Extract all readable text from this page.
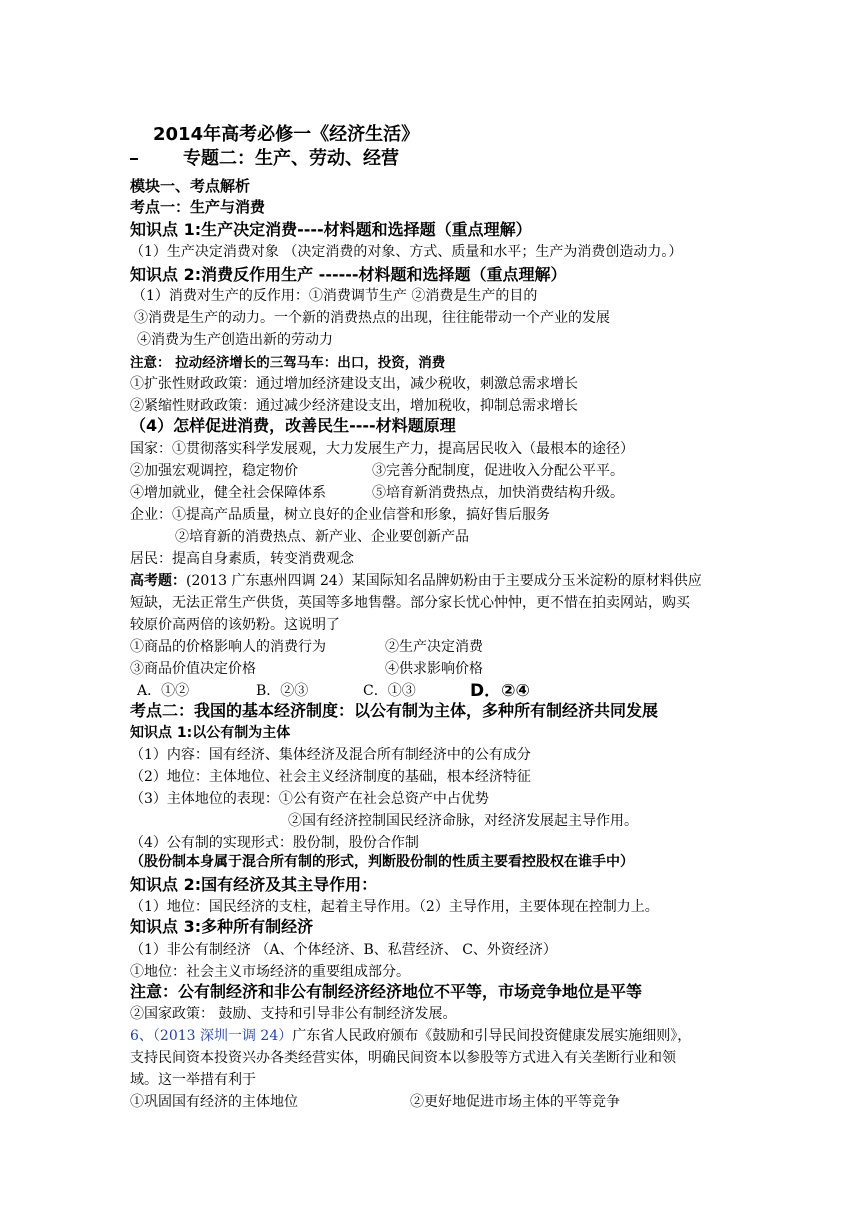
2014年高考必修一《经济生活》
专题二：生产、劳动、经营
模块一、考点解析
考点一：生产与消费
知识点 1:生产决定消费----材料题和选择题（重点理解）
（1）生产决定消费对象 （决定消费的对象、方式、质量和水平；生产为消费创造动力。）
知识点 2:消费反作用生产 ------材料题和选择题（重点理解）
（1）消费对生产的反作用：①消费调节生产 ②消费是生产的目的
③消费是生产的动力。一个新的消费热点的出现，往往能带动一个产业的发展
④消费为生产创造出新的劳动力
注意： 拉动经济增长的三驾马车：出口，投资，消费
①扩张性财政政策：通过增加经济建设支出，减少税收，刺激总需求增长
②紧缩性财政政策：通过减少经济建设支出，增加税收，抑制总需求增长
（4）怎样促进消费，改善民生----材料题原理
国家：①贯彻落实科学发展观，大力发展生产力，提高居民收入（最根本的途径）
②加强宏观调控，稳定物价	③完善分配制度，促进收入分配公平平。
④增加就业，健全社会保障体系	⑤培育新消费热点，加快消费结构升级。
企业：①提高产品质量，树立良好的企业信誉和形象，搞好售后服务
②培育新的消费热点、新产业、企业要创新产品
居民：提高自身素质，转变消费观念
高考题：(2013 广东惠州四调 24）某国际知名品牌奶粉由于主要成分玉米淀粉的原材料供应
短缺，无法正常生产供货，英国等多地售罄。部分家长忧心忡忡，更不惜在拍卖网站，购买
较原价高两倍的该奶粉。这说明了
①商品的价格影响人的消费行为	②生产决定消费
③商品价值决定价格	④供求影响价格
A．①②	B．②③	C．①③	D．②④
考点二：我国的基本经济制度：以公有制为主体，多种所有制经济共同发展
知识点 1:以公有制为主体
（1）内容：国有经济、集体经济及混合所有制经济中的公有成分
（2）地位：主体地位、社会主义经济制度的基础，根本经济特征
（3）主体地位的表现：①公有资产在社会总资产中占优势
②国有经济控制国民经济命脉，对经济发展起主导作用。
（4）公有制的实现形式：股份制，股份合作制
（股份制本身属于混合所有制的形式，判断股份制的性质主要看控股权在谁手中）
知识点 2:国有经济及其主导作用：
（1）地位：国民经济的支柱，起着主导作用。（2）主导作用，主要体现在控制力上。
知识点 3:多种所有制经济
（1）非公有制经济 （A、个体经济、B、私营经济、 C、外资经济）
①地位：社会主义市场经济的重要组成部分。
注意：公有制经济和非公有制经济经济地位不平等，市场竞争地位是平等
②国家政策： 鼓励、支持和引导非公有制经济发展。
6、（2013 深圳一调 24）广东省人民政府颁布《鼓励和引导民间投资健康发展实施细则》，
支持民间资本投资兴办各类经营实体，明确民间资本以参股等方式进入有关垄断行业和领
域。这一举措有利于
①巩固国有经济的主体地位	②更好地促进市场主体的平等竞争
